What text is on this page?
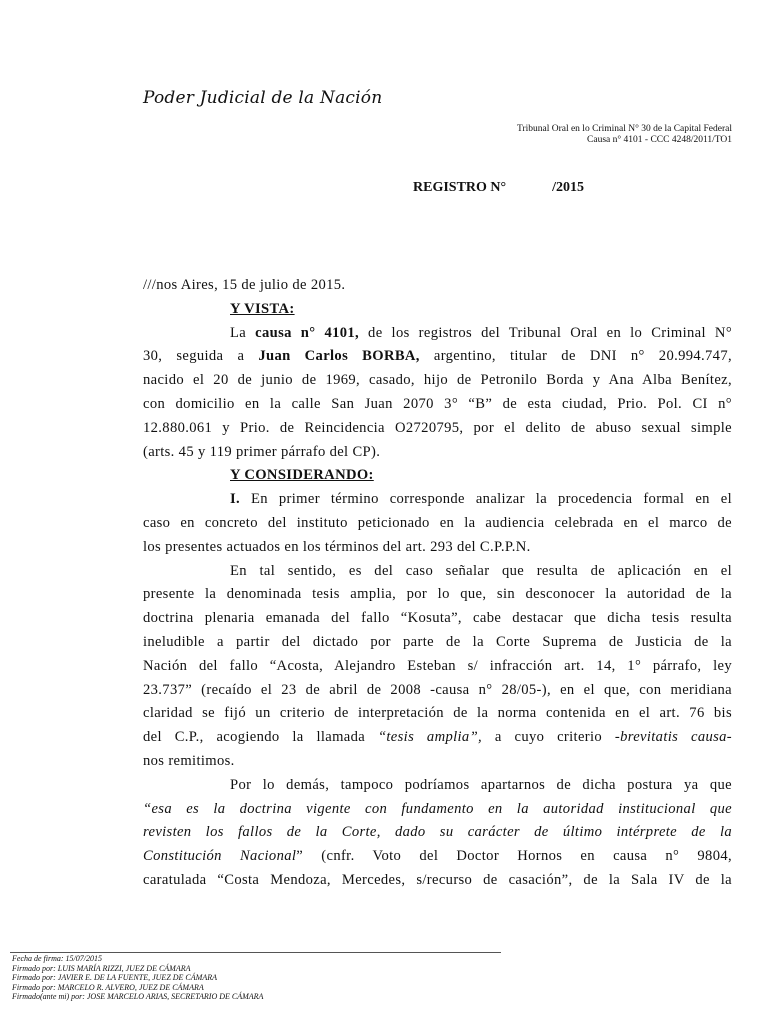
Poder Judicial de la Nación
Tribunal Oral en lo Criminal N° 30 de la Capital Federal
Causa n° 4101 - CCC 4248/2011/TO1
REGISTRO N°	/2015

///nos Aires, 15 de julio de 2015.

Y VISTA:

La causa n° 4101, de los registros del Tribunal Oral en lo Criminal N°
30, seguida a Juan Carlos BORBA, argentino, titular de DNI n° 20.994.747,
nacido el 20 de junio de 1969, casado, hijo de Petronilo Borda y Ana Alba Benítez,
con domicilio en la calle San Juan 2070 3° “B” de esta ciudad, Prio. Pol. CI n°
12.880.061 y Prio. de Reincidencia O2720795, por el delito de abuso sexual simple
(arts. 45 y 119 primer párrafo del CP).

Y CONSIDERANDO:

I. En primer término corresponde analizar la procedencia formal en el
caso en concreto del instituto peticionado en la audiencia celebrada en el marco de
los presentes actuados en los términos del art. 293 del C.P.P.N.
En tal sentido, es del caso señalar que resulta de aplicación en el
presente la denominada tesis amplia, por lo que, sin desconocer la autoridad de la
doctrina plenaria emanada del fallo “Kosuta”, cabe destacar que dicha tesis resulta
ineludible a partir del dictado por parte de la Corte Suprema de Justicia de la
Nación del fallo “Acosta, Alejandro Esteban s/ infracción art. 14, 1° párrafo, ley
23.737” (recaído el 23 de abril de 2008 -causa n° 28/05-), en el que, con meridiana
claridad se fijó un criterio de interpretación de la norma contenida en el art. 76 bis
del C.P., acogiendo la llamada “tesis amplia”, a cuyo criterio -brevitatis causa-
nos remitimos.
Por lo demás, tampoco podríamos apartarnos de dicha postura ya que
“esa es la doctrina vigente con fundamento en la autoridad institucional que
revisten los fallos de la Corte, dado su carácter de último intérprete de la
Constitución Nacional” (cnfr. Voto del Doctor Hornos en causa n° 9804,
caratulada “Costa Mendoza, Mercedes, s/recurso de casación”, de la Sala IV de la
Fecha de firma: 15/07/2015
Firmado por: LUIS MARÍA RIZZI, JUEZ DE CÁMARA
Firmado por: JAVIER E. DE LA FUENTE, JUEZ DE CÁMARA
Firmado por: MARCELO R. ALVERO, JUEZ DE CÁMARA
Firmado(ante mi) por: JOSE MARCELO ARIAS, SECRETARIO DE CÁMARA
